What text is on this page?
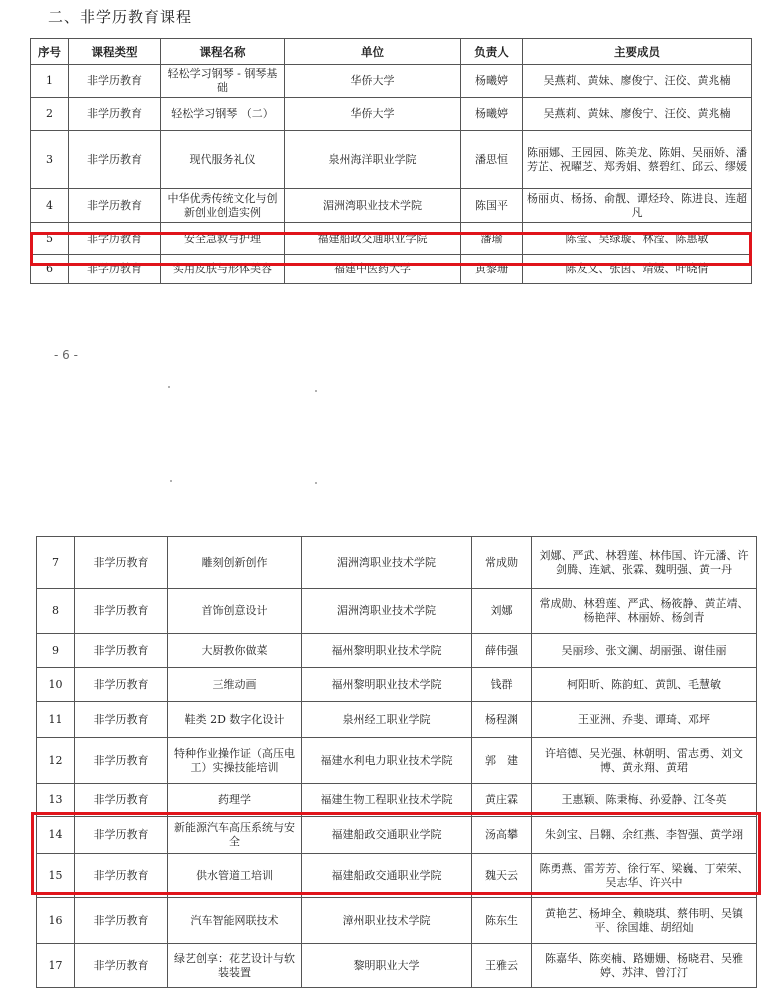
二、非学历教育课程
序号	课程类型	课程名称	单位	负责人	主要成员
1	非学历教育	轻松学习钢琴 - 钢琴基础	华侨大学	杨曦婷	吴燕莉、黄妹、廖俊宁、汪佼、黄兆楠
2	非学历教育	轻松学习钢琴 （二）	华侨大学	杨曦婷	吴燕莉、黄妹、廖俊宁、汪佼、黄兆楠
3	非学历教育	现代服务礼仪	泉州海洋职业学院	潘思恒	陈丽娜、王园园、陈美龙、陈娟、吴丽娇、潘芳芷、祝曜芝、郑秀娟、蔡碧红、邱云、缪媛
4	非学历教育	中华优秀传统文化与创新创业创造实例	湄洲湾职业技术学院	陈国平	杨丽贞、杨扬、俞靓、谭烃玲、陈进良、连超凡
5	非学历教育	安全急救与护理	福建船政交通职业学院	潘瑜	陈莹、吴绿璇、林滢、陈惠敏
6	非学历教育	实用皮肤与形体美容	福建中医药大学	黄黎珊	陈友义、张茵、靖媛、叶晓倩
- 6 -
7	非学历教育	雕刻创新创作	湄洲湾职业技术学院	常成勋	刘娜、严武、林碧莲、林伟国、许元潘、许剑腾、连斌、张霖、魏明强、黄一丹
8	非学历教育	首饰创意设计	湄洲湾职业技术学院	刘娜	常成勋、林碧莲、严武、杨筱静、黄芷靖、杨艳萍、林丽娇、杨剑青
9	非学历教育	大厨教你做菜	福州黎明职业技术学院	薛伟强	吴丽珍、张文澜、胡丽强、谢佳丽
10	非学历教育	三维动画	福州黎明职业技术学院	钱群	柯阳昕、陈韵虹、黄凯、毛慧敏
11	非学历教育	鞋类 2D 数字化设计	泉州经工职业学院	杨程渊	王亚洲、乔斐、谭琦、邓坪
12	非学历教育	特种作业操作证（高压电工）实操技能培训	福建水利电力职业技术学院	郭　建	许培德、吴光强、林朝明、雷志勇、刘文博、黄永翔、黄珺
13	非学历教育	药理学	福建生物工程职业技术学院	黄庄霖	王惠颖、陈秉梅、孙爱静、江冬英
14	非学历教育	新能源汽车高压系统与安全	福建船政交通职业学院	汤高攀	朱剑宝、吕翱、余红燕、李智强、黄学翊
15	非学历教育	供水管道工培训	福建船政交通职业学院	魏天云	陈勇燕、雷芳芳、徐行军、梁巍、丁荣荣、吴志华、许兴中
16	非学历教育	汽车智能网联技术	漳州职业技术学院	陈东生	黄艳艺、杨坤全、赖晓琪、蔡伟明、吴镇平、徐国雄、胡绍灿
17	非学历教育	绿艺创享：花艺设计与软装装置	黎明职业大学	王雅云	陈嘉华、陈奕楠、路姗姗、杨晓君、吴雅婷、苏津、曾汀汀
